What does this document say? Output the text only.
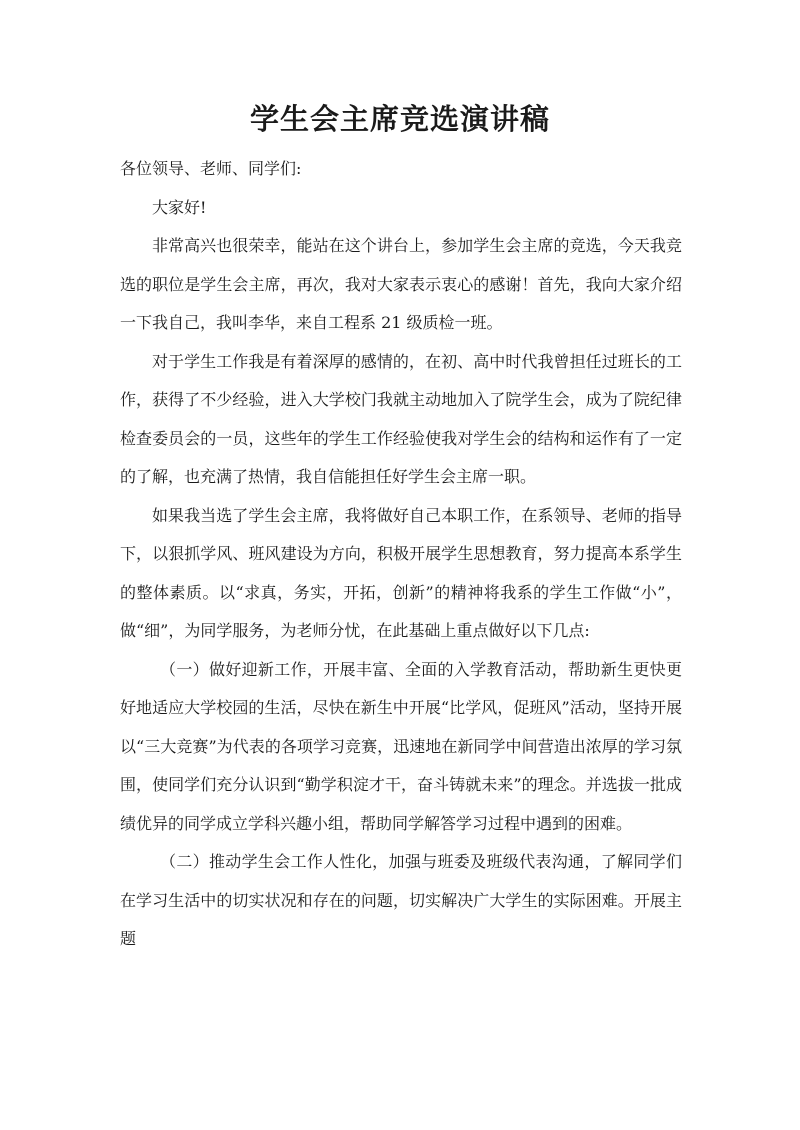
学生会主席竞选演讲稿

各位领导、老师、同学们:

大家好!

非常高兴也很荣幸，能站在这个讲台上，参加学生会主席的竞选，今天我竞选的职位是学生会主席，再次，我对大家表示衷心的感谢！首先，我向大家介绍一下我自己，我叫李华，来自工程系 21 级质检一班。

对于学生工作我是有着深厚的感情的，在初、高中时代我曾担任过班长的工作，获得了不少经验，进入大学校门我就主动地加入了院学生会，成为了院纪律检查委员会的一员，这些年的学生工作经验使我对学生会的结构和运作有了一定的了解，也充满了热情，我自信能担任好学生会主席一职。

如果我当选了学生会主席，我将做好自己本职工作，在系领导、老师的指导下，以狠抓学风、班风建设为方向，积极开展学生思想教育，努力提高本系学生的整体素质。以“求真，务实，开拓，创新”的精神将我系的学生工作做“小”，做“细”，为同学服务，为老师分忧，在此基础上重点做好以下几点:

（一）做好迎新工作，开展丰富、全面的入学教育活动，帮助新生更快更好地适应大学校园的生活，尽快在新生中开展“比学风，促班风”活动，坚持开展以“三大竞赛”为代表的各项学习竞赛，迅速地在新同学中间营造出浓厚的学习氛围，使同学们充分认识到“勤学积淀才干，奋斗铸就未来”的理念。并选拔一批成绩优异的同学成立学科兴趣小组，帮助同学解答学习过程中遇到的困难。

（二）推动学生会工作人性化，加强与班委及班级代表沟通，了解同学们在学习生活中的切实状况和存在的问题，切实解决广大学生的实际困难。开展主题
